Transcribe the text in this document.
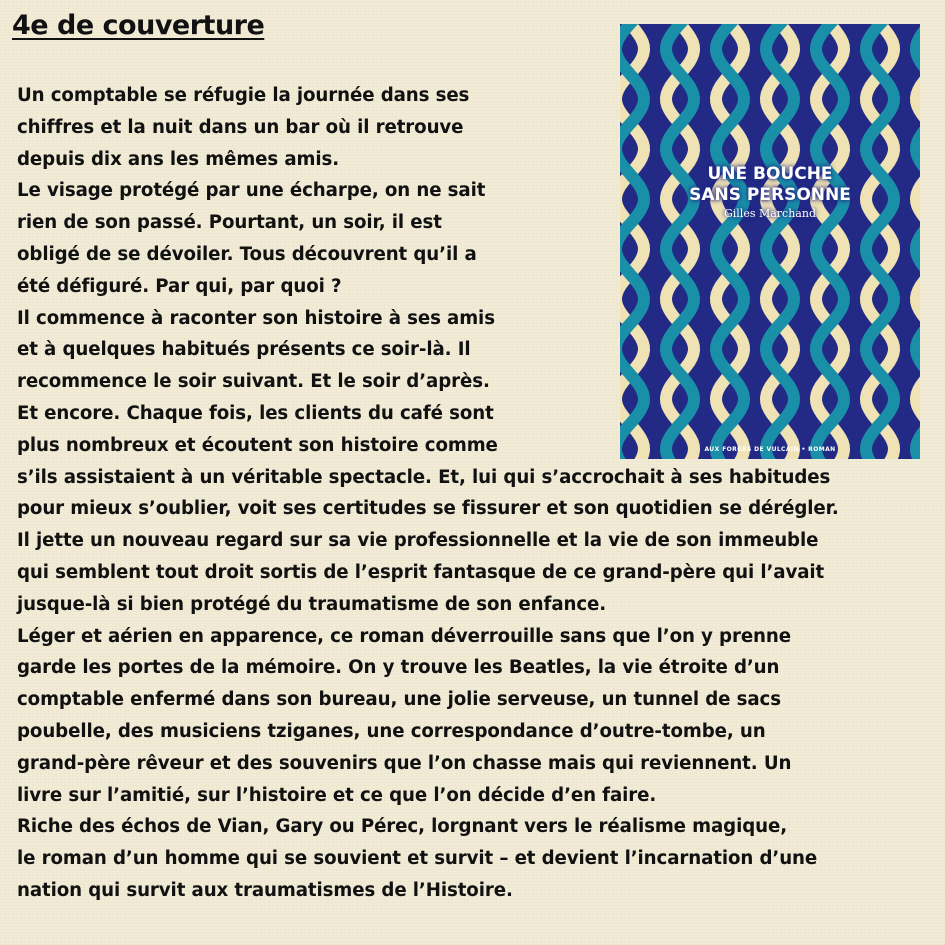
4e de couverture
UNE BOUCHE
SANS PERSONNE
Gilles Marchand
AUX FORGES DE VULCAIN • ROMAN
Un comptable se réfugie la journée dans ses
chiffres et la nuit dans un bar où il retrouve
depuis dix ans les mêmes amis.
Le visage protégé par une écharpe, on ne sait
rien de son passé. Pourtant, un soir, il est
obligé de se dévoiler. Tous découvrent qu’il a
été défiguré. Par qui, par quoi ?
Il commence à raconter son histoire à ses amis
et à quelques habitués présents ce soir-là. Il
recommence le soir suivant. Et le soir d’après.
Et encore. Chaque fois, les clients du café sont
plus nombreux et écoutent son histoire comme
s’ils assistaient à un véritable spectacle. Et, lui qui s’accrochait à ses habitudes
pour mieux s’oublier, voit ses certitudes se fissurer et son quotidien se dérégler.
Il jette un nouveau regard sur sa vie professionnelle et la vie de son immeuble
qui semblent tout droit sortis de l’esprit fantasque de ce grand-père qui l’avait
jusque-là si bien protégé du traumatisme de son enfance.
Léger et aérien en apparence, ce roman déverrouille sans que l’on y prenne
garde les portes de la mémoire. On y trouve les Beatles, la vie étroite d’un
comptable enfermé dans son bureau, une jolie serveuse, un tunnel de sacs
poubelle, des musiciens tziganes, une correspondance d’outre-tombe, un
grand-père rêveur et des souvenirs que l’on chasse mais qui reviennent. Un
livre sur l’amitié, sur l’histoire et ce que l’on décide d’en faire.
Riche des échos de Vian, Gary ou Pérec, lorgnant vers le réalisme magique,
le roman d’un homme qui se souvient et survit – et devient l’incarnation d’une
nation qui survit aux traumatismes de l’Histoire.
